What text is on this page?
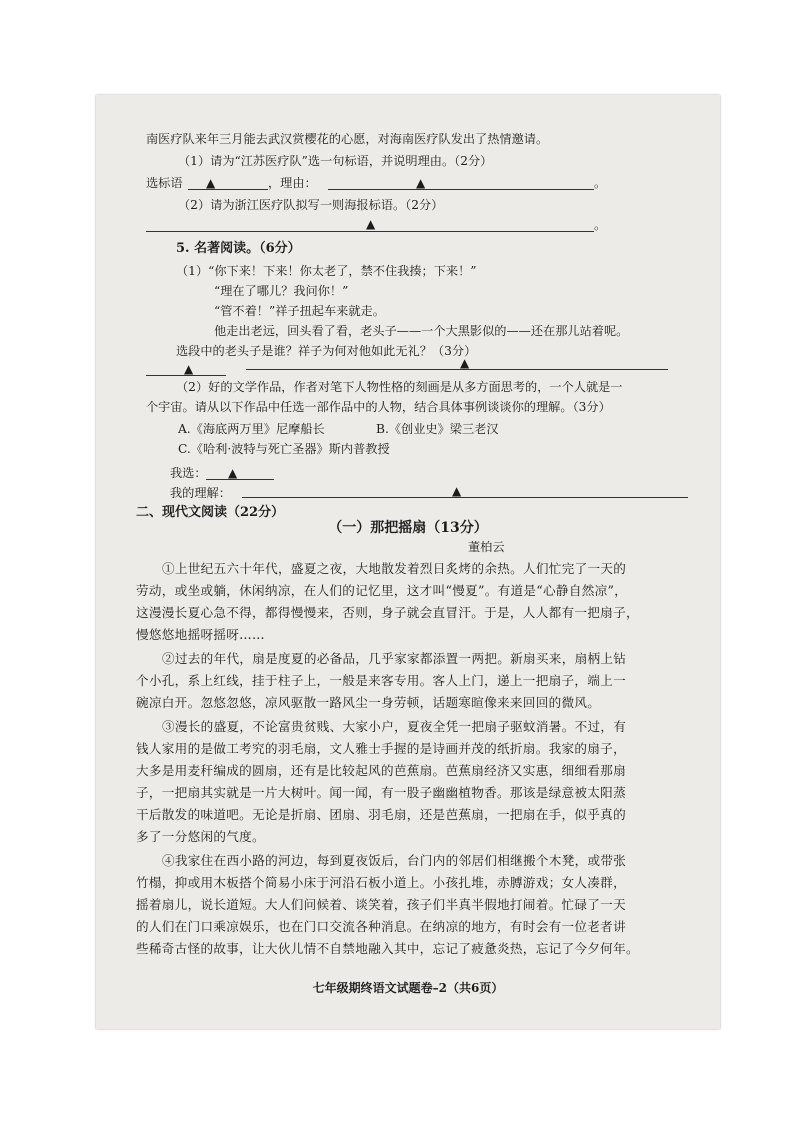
南医疗队来年三月能去武汉赏樱花的心愿，对海南医疗队发出了热情邀请。
（1）请为“江苏医疗队”选一句标语，并说明理由。（2分）
选标语 ▲	，理由：	▲	。
（2）请为浙江医疗队拟写一则海报标语。（2分）
▲	。
5. 名著阅读。（6分）
（1）“你下来！下来！你太老了，禁不住我揍；下来！”
“理在了哪儿？我问你！”
“管不着！”祥子扭起车来就走。
他走出老远，回头看了看，老头子——一个大黑影似的——还在那儿站着呢。
选段中的老头子是谁？祥子为何对他如此无礼？（3分）
▲	▲
（2）好的文学作品，作者对笔下人物性格的刻画是从多方面思考的，一个人就是一
个宇宙。请从以下作品中任选一部作品中的人物，结合具体事例谈谈你的理解。（3分）
A.《海底两万里》尼摩船长	B.《创业史》梁三老汉
C.《哈利·波特与死亡圣器》斯内普教授
我选： ▲
我的理解：	▲
二、现代文阅读（22分）
（一）那把摇扇（13分）
董柏云
①上世纪五六十年代，盛夏之夜，大地散发着烈日炙烤的余热。人们忙完了一天的
劳动，或坐或躺，休闲纳凉，在人们的记忆里，这才叫“慢夏”。有道是“心静自然凉”，
这漫漫长夏心急不得，都得慢慢来，否则，身子就会直冒汗。于是，人人都有一把扇子，
慢悠悠地摇呀摇呀……
②过去的年代，扇是度夏的必备品，几乎家家都添置一两把。新扇买来，扇柄上钻
个小孔，系上红线，挂于柱子上，一般是来客专用。客人上门，递上一把扇子，端上一
碗凉白开。忽悠忽悠，凉风驱散一路风尘一身劳顿，话题寒暄像来来回回的微风。
③漫长的盛夏，不论富贵贫贱、大家小户，夏夜全凭一把扇子驱蚊消暑。不过，有
钱人家用的是做工考究的羽毛扇，文人雅士手握的是诗画并茂的纸折扇。我家的扇子，
大多是用麦秆编成的圆扇，还有是比较起风的芭蕉扇。芭蕉扇经济又实惠，细细看那扇
子，一把扇其实就是一片大树叶。闻一闻，有一股子幽幽植物香。那该是绿意被太阳蒸
干后散发的味道吧。无论是折扇、团扇、羽毛扇，还是芭蕉扇，一把扇在手，似乎真的
多了一分悠闲的气度。
④我家住在西小路的河边，每到夏夜饭后，台门内的邻居们相继搬个木凳，或带张
竹榻，抑或用木板搭个简易小床于河沿石板小道上。小孩扎堆，赤膊游戏；女人凑群，
摇着扇儿，说长道短。大人们问候着、谈笑着，孩子们半真半假地打闹着。忙碌了一天
的人们在门口乘凉娱乐，也在门口交流各种消息。在纳凉的地方，有时会有一位老者讲
些稀奇古怪的故事，让大伙儿情不自禁地融入其中，忘记了疲惫炎热，忘记了今夕何年。
七年级期终语文试题卷–2（共6页）
